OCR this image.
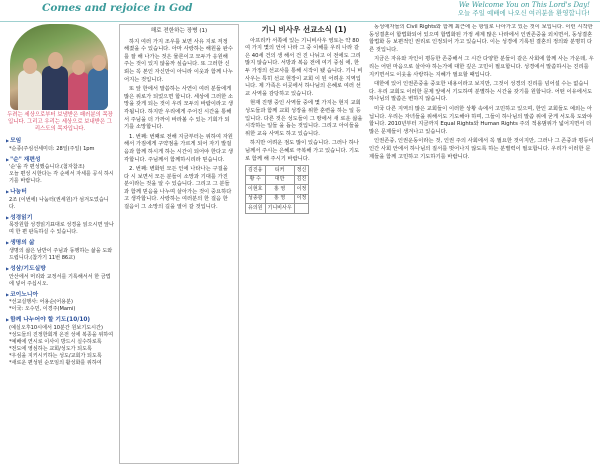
Comes and rejoice in God	We Welcome You on This Lord's Day!
오늘 주일 예배에 나오신 여러분을 환영합니다!
두려는 세상으로부터 보냄받은 패러분의 목장입니다. 그리고 우리는 세상으로 보내받은 그리스도의 목자입니다.
▶ 모임
*순종(주심선세미더: 28일(주일) 1pm
▶ "순" 재편성
'순'을 각 편성했습니다.(첨자참조)
오늘 편성 시한다는 각 순에서 자세를 공식 하시기를 바랍니다.
▶ 나눔터
2조 (이번에) 나눔터(권세원)가 섬겨도었습니다.
▶ 성경읽기
목장원합 성경읽기표대로 성경을 읽으시면 앞나며 한 편 판독하실 수 있습니다.
▶ 생명의 삶
생명의 삶은 남반이 주님과 동행하는 삶을 도와드립니다.(참가기 11번 86교)
▶ 성삼/기도실방
안산에서 머리와 교정서를 기록해서서 한 금법에 넣어 주십시오.
▶ 코이노니아
*선교실행사: 어용순(어용분)
*이국: 오수민, 이경주(Mami)
▶ 함께 나누어야 할 기도(10/10)
(예실오후10시에서 10분간 원보기도시간)
*성도들의 진정한회개 온전 성에 복종을 위하여
*예배에 연시로 이사이 방드시 실수하로록
*전도에 영심하는 교회/성도가 되도록
*우심을 지키시키하는 성도/교회가 되도록
*새로운 편성된 순모임의 활성화를 위하여
해로 전한하는 장병 (1)

하지 여러 가지 조우를 보면 사유 지로 걱정 해졌을 수 있습니다. 아마 사랑하는 해원을 완수를 잘 해 나가는 것은 물론이고 모두가 응원해 주는 것이 있지 않을까 싶습니다. 또 그러한 신뢰는 꼭 본인 자신만이 아니라 이웃과 함께 나누어지는 것입니다.

또 앞 한에서 말씀하는 사연이 여러 분들에게 많은 위로가 되었으면 합니다. 세상에 그러한 소망을 갖게 되는 것이 우리 모두의 바람이라고 생각됩니다. 하지만 우리에게 주어진 시간을 통해서 주님을 더 가까이 바라볼 수 있는 기회가 되기를 소망합니다.

1. 번째: 번째로 전해 지금부터는 위하여 자원해서 가짐에게 구약점을 가르게 되어 자기 발걸음과 함께 하시게 하는 시간이 되어야 한다고 생각합니다. 주님께서 함께하시리라 믿습니다.

2. 번째: 변화된 모든 인에 나타나는 구걸을 다 시 보면서 모든 분들이 소망과 기대를 가진 분이라는 것을 알 수 있습니다. 그리고 그 분들과 함께 믿음을 나누며 살아가는 것이 중요하다고 생각합니다. 사랑하는 여러분의 한 걸음 한 걸음이 그 소망의 길을 열어 갈 것입니다.

기니 비사우 선교소식 (1)

아프리카 서쪽에 있는 기니비사우 영토는 약 80여 가지 몇의 언어 나라 그 중 이해를 우리 나라 같은 40세 건의 생 해서 건 진 나뉘고 이 전에도 그리 많지 않습니다. 서방과 복음 전에 여기 중심 에, 한두 가정의 선교사를 통해 시작이 됐 습니다. 기니 비사우는 특히 선교 현장이 교회 이 된 어려운 지역입니다. 제 가족은 이곳에서 하나님의 은혜로 여러 선교 사역을 감당하고 있습니다.

현재 진행 중인 사역들 중에 몇 가지는 현지 교회 성도들과 함께 교회 성장을 위한 훈련을 하는 일 등 입니다. 다른 것은 성도들이 그 땅에서 새 로운 삶을 시작하는 일들 을 돕는 것입니다. 그리고 아이들을 위한 교육 사역도 하고 있습니다.

하지만 어려운 점도 많이 있습니다. 그러나 하나님께서 주시는 은혜로 극복해 가고 있습니다. 기도로 함께 해 주시기 바랍니다.

김진웅	티커	정신
황 수	대만	김진
이현호	홍 영	이정
성종광	홍 영	이정
유의원	기니비사우	

동성애자들의 Civil Rights와 함께 최근에 는 항일로 나아가고 있는 것이 보입니다. 이런 시작한 동성결혼이 합법화되어 있으며 합법화된 가정 세계 많은 나라에서 인권존중을 외치면서, 동성결혼 합법화 등 보편적인 권리로 인정되어 가고 있습니다. 이는 성경에 기록된 결혼의 정의와 분명히 다른 것입니다.

지금은 자유와 자인이 평등한 존중해서 그 시간 다양한 분들이 같은 사회에 함께 사는 가운데, 우리는 어떤 마음으로 살아야 하는가에 대한 깊은 고민이 필요합니다. 성경에서 말씀하시는 진리를 지키면서도 이웃을 사랑하는 지혜가 필요할 때입니다.

대한에 있어 인권존중을 중요한 내용이라고 보지만, 그것이 성경의 진리를 넘어설 수는 없습니다. 우리 교회도 이러한 문제 앞에서 기도하며 분별하는 시간을 갖기를 원합니다. 어떤 이유에서도 하나님의 말씀은 변하지 않습니다.

미국 다른 지역의 많은 교회들이 이러한 상황 속에서 고민하고 있으며, 한인 교회들도 예외는 아닙니다. 우리는 자녀들을 위해서도 기도해야 하며, 그들이 하나님의 말씀 위에 굳게 서도록 도와야 합니다. 2010년부터 지금까지 Equal Rights와 Human Rights 주의 적용범위가 넓어지면서 더 많은 문제들이 생겨나고 있습니다.

인권존중, 인권운동이라는 것, 인권 주의 사회에서 꼭 필요한 것이지만, 그러나 그 존중과 평등이 인간 사회 안에서 하나님의 질서를 벗어나지 않도록 하는 분별력이 필요합니다. 우리가 이러한 문제들을 함께 고민하고 기도하기를 바랍니다.
